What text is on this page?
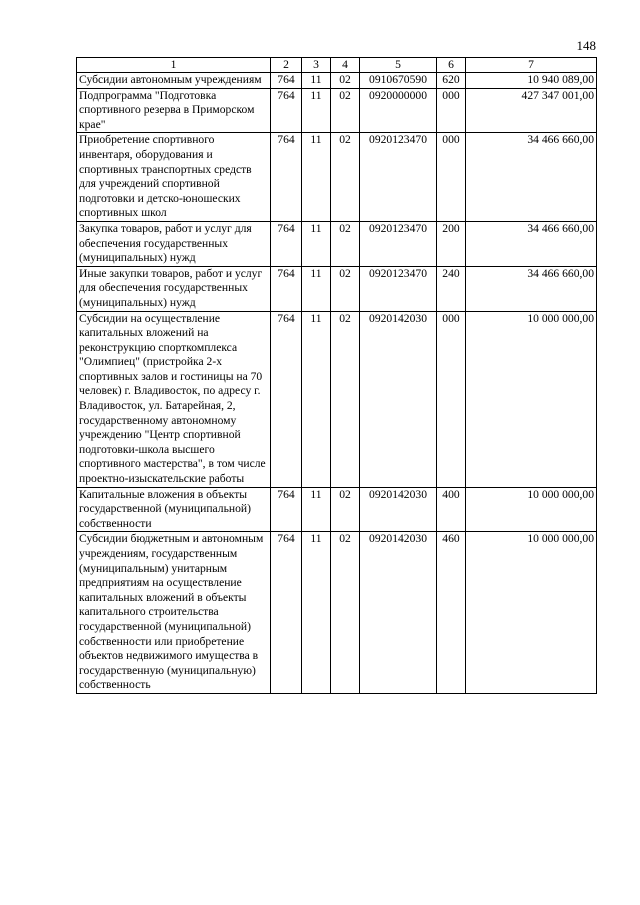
148
1	2	3	4	5	6	7
Субсидии автономным учреждениям	764	11	02	0910670590	620	10 940 089,00
Подпрограмма "Подготовка спортивного резерва в Приморском крае"	764	11	02	0920000000	000	427 347 001,00
Приобретение спортивного инвентаря, оборудования и спортивных транспортных средств для учреждений спортивной подготовки и детско-юношеских спортивных школ	764	11	02	0920123470	000	34 466 660,00
Закупка товаров, работ и услуг для обеспечения государственных (муниципальных) нужд	764	11	02	0920123470	200	34 466 660,00
Иные закупки товаров, работ и услуг для обеспечения государственных (муниципальных) нужд	764	11	02	0920123470	240	34 466 660,00
Субсидии на осуществление капитальных вложений на реконструкцию спорткомплекса "Олимпиец" (пристройка 2-х спортивных залов и гостиницы на 70 человек) г. Владивосток, по адресу г. Владивосток, ул. Батарейная, 2, государственному автономному учреждению "Центр спортивной подготовки-школа высшего спортивного мастерства", в том числе проектно-изыскательские работы	764	11	02	0920142030	000	10 000 000,00
Капитальные вложения в объекты государственной (муниципальной) собственности	764	11	02	0920142030	400	10 000 000,00
Субсидии бюджетным и автономным учреждениям, государственным (муниципальным) унитарным предприятиям на осуществление капитальных вложений в объекты капитального строительства государственной (муниципальной) собственности или приобретение объектов недвижимого имущества в государственную (муниципальную) собственность	764	11	02	0920142030	460	10 000 000,00
